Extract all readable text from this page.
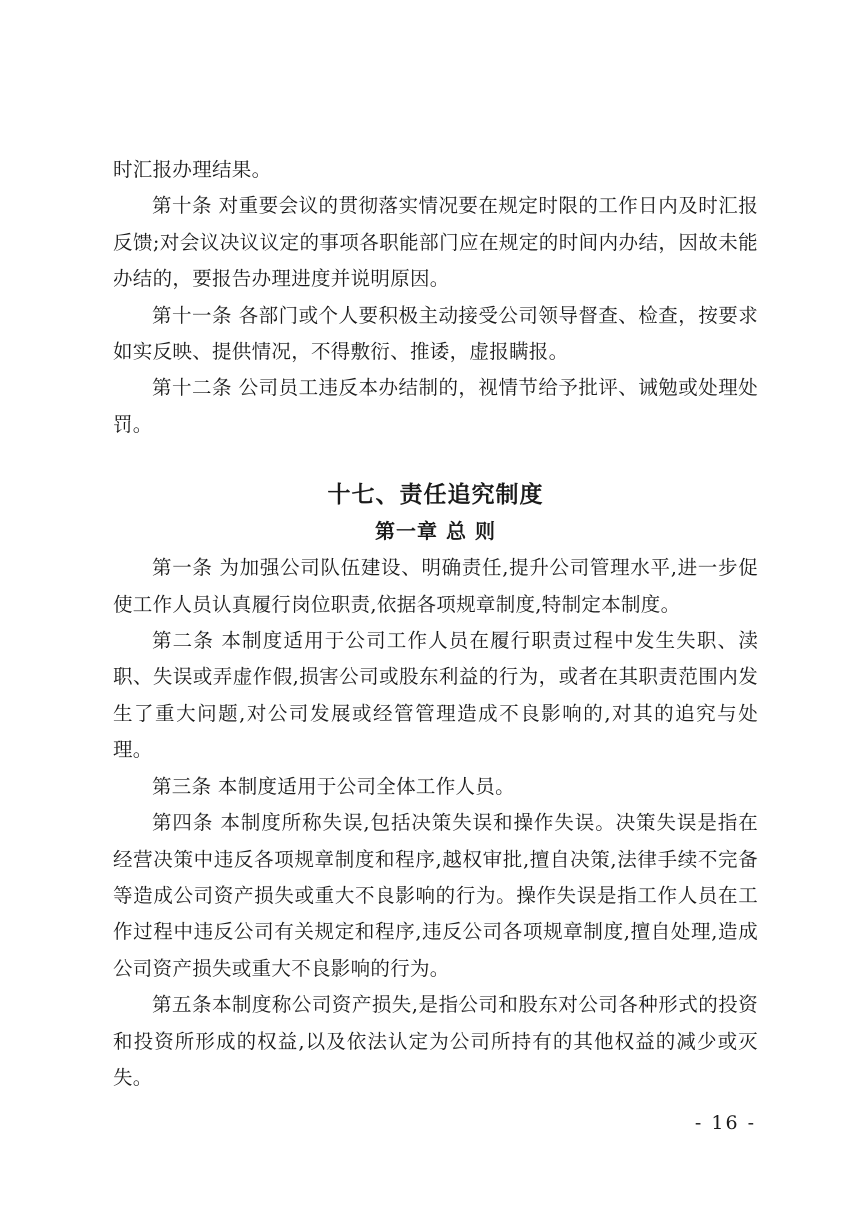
时汇报办理结果。

第十条 对重要会议的贯彻落实情况要在规定时限的工作日内及时汇报反馈;对会议决议议定的事项各职能部门应在规定的时间内办结，因故未能办结的，要报告办理进度并说明原因。

第十一条 各部门或个人要积极主动接受公司领导督查、检查，按要求如实反映、提供情况，不得敷衍、推诿，虚报瞒报。

第十二条 公司员工违反本办结制的，视情节给予批评、诫勉或处理处罚。

十七、责任追究制度
第一章 总 则

第一条 为加强公司队伍建设、明确责任,提升公司管理水平,进一步促使工作人员认真履行岗位职责,依据各项规章制度,特制定本制度。

第二条 本制度适用于公司工作人员在履行职责过程中发生失职、渎职、失误或弄虚作假,损害公司或股东利益的行为，或者在其职责范围内发生了重大问题,对公司发展或经管管理造成不良影响的,对其的追究与处理。

第三条 本制度适用于公司全体工作人员。

第四条 本制度所称失误,包括决策失误和操作失误。决策失误是指在经营决策中违反各项规章制度和程序,越权审批,擅自决策,法律手续不完备等造成公司资产损失或重大不良影响的行为。操作失误是指工作人员在工作过程中违反公司有关规定和程序,违反公司各项规章制度,擅自处理,造成公司资产损失或重大不良影响的行为。

第五条本制度称公司资产损失,是指公司和股东对公司各种形式的投资和投资所形成的权益,以及依法认定为公司所持有的其他权益的减少或灭失。

- 16 -
